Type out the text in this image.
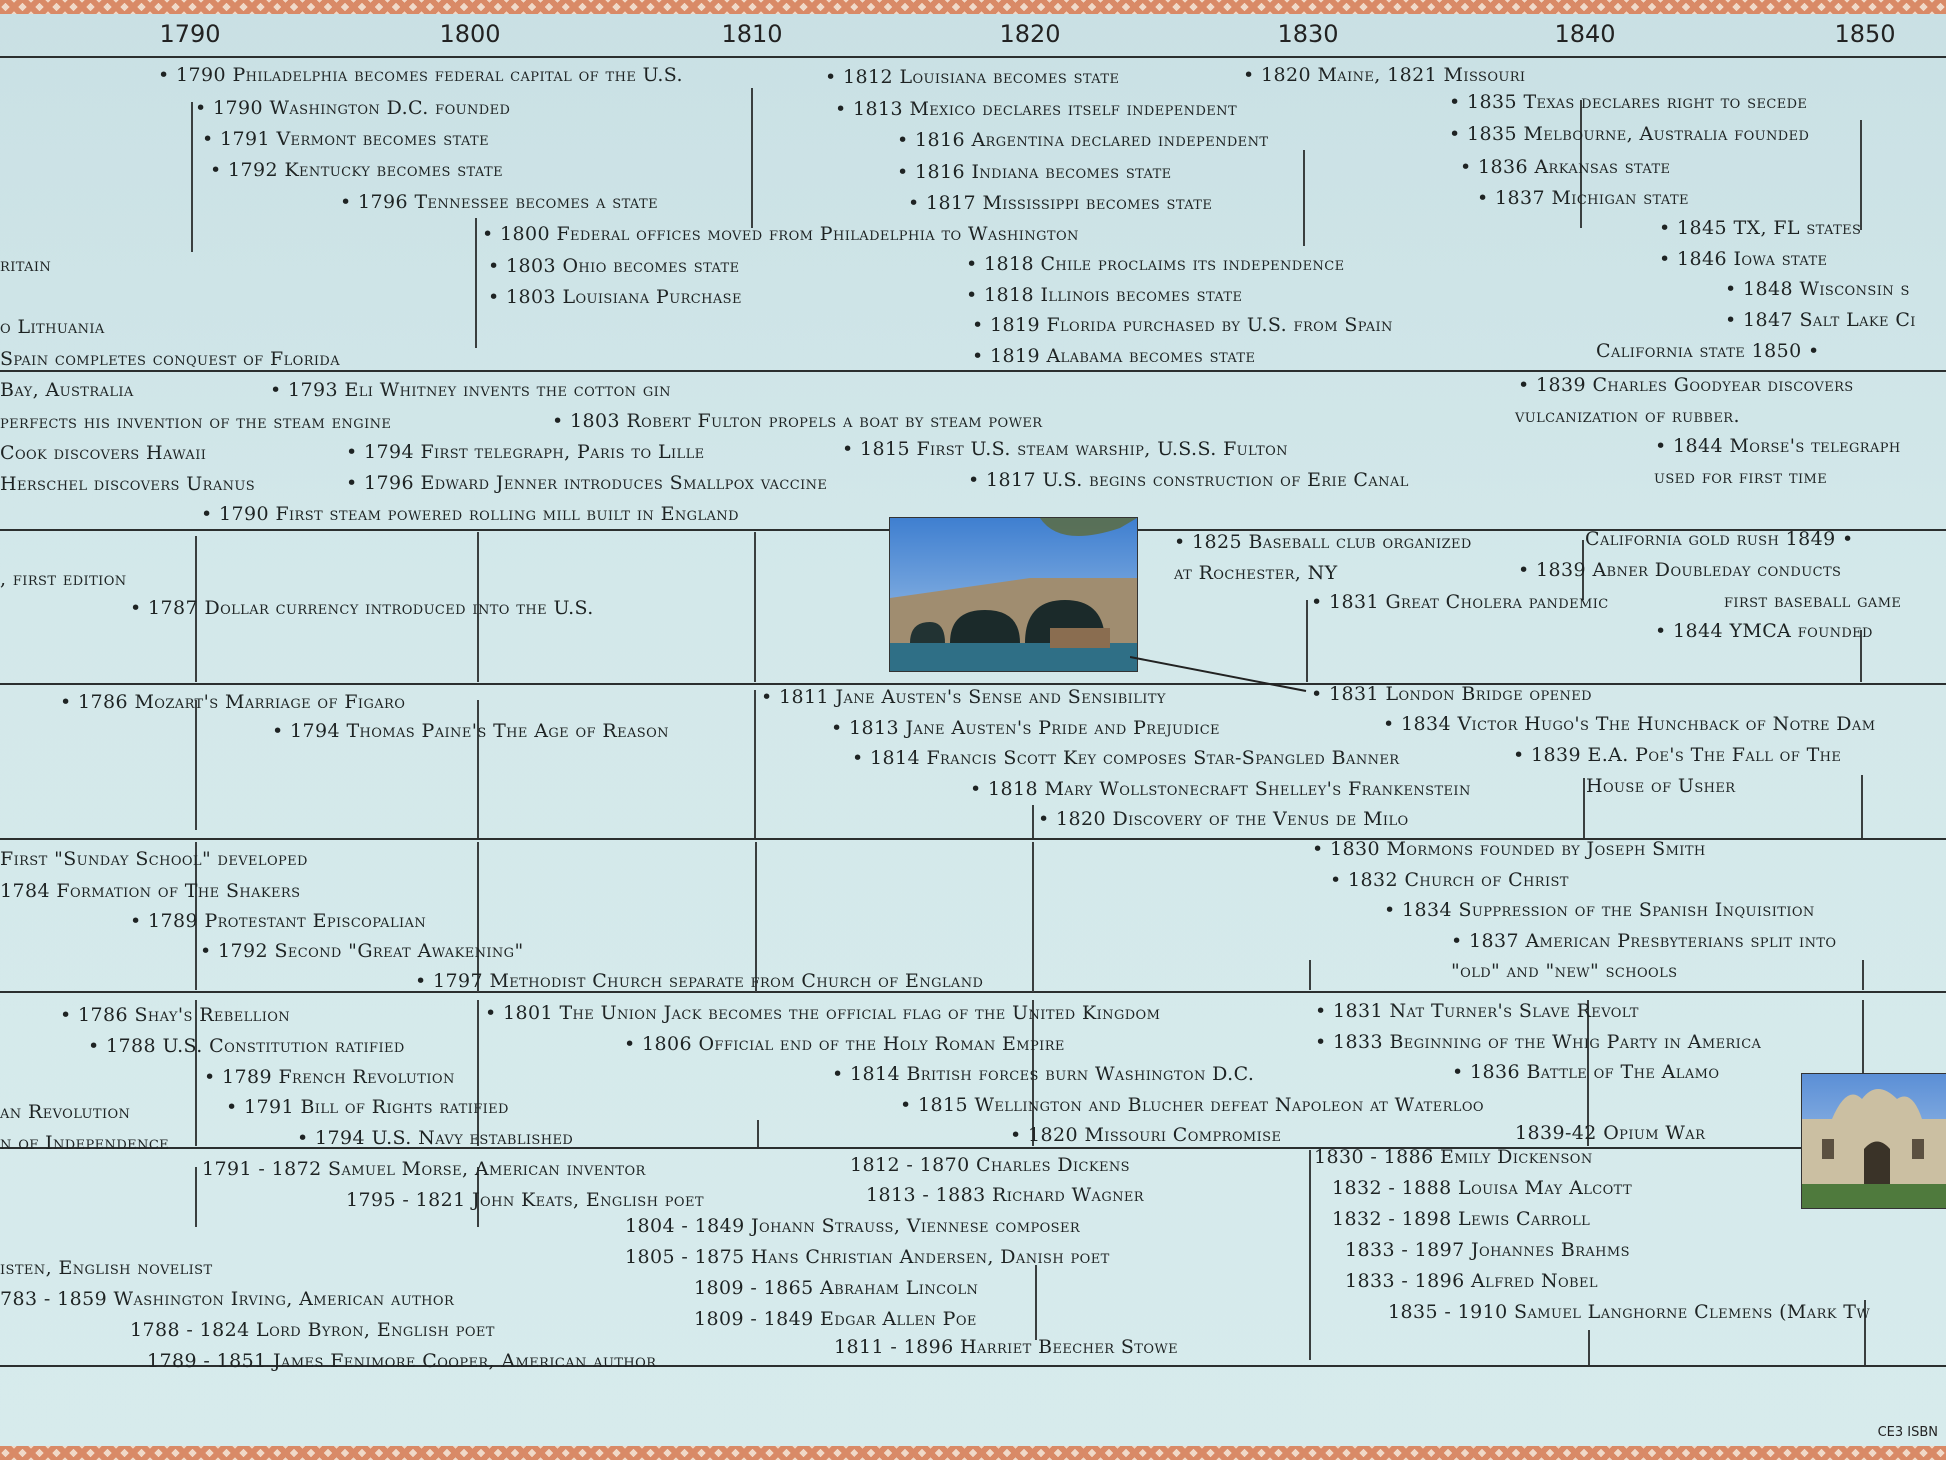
1790	1800	1810	1820	1830	1840	1850
• 1790 Philadelphia becomes federal capital of the U.S.
• 1790 Washington D.C. founded
• 1791 Vermont becomes state
• 1792 Kentucky becomes state
• 1796 Tennessee becomes a state
• 1812 Louisiana becomes state
• 1813 Mexico declares itself independent
• 1816 Argentina declared independent
• 1816 Indiana becomes state
• 1817 Mississippi becomes state
• 1820 Maine, 1821 Missouri
• 1835 Texas declares right to secede
• 1835 Melbourne, Australia founded
• 1836 Arkansas state
• 1837 Michigan state
• 1845 TX, FL states
• 1846 Iowa state
• 1848 Wisconsin s
• 1847 Salt Lake Ci
California state 1850 •
• 1800 Federal offices moved from Philadelphia to Washington
• 1803 Ohio becomes state
• 1803 Louisiana Purchase
• 1818 Chile proclaims its independence
• 1818 Illinois becomes state
• 1819 Florida purchased by U.S. from Spain
• 1819 Alabama becomes state
ritain
o Lithuania
Spain completes conquest of Florida
Bay, Australia	• 1793 Eli Whitney invents the cotton gin
perfects his invention of the steam engine	• 1803 Robert Fulton propels a boat by steam power
Cook discovers Hawaii	• 1794 First telegraph, Paris to Lille	• 1815 First U.S. steam warship, U.S.S. Fulton
Herschel discovers Uranus	• 1796 Edward Jenner introduces Smallpox vaccine	• 1817 U.S. begins construction of Erie Canal
• 1790 First steam powered rolling mill built in England
• 1839 Charles Goodyear discovers
vulcanization of rubber.
• 1844 Morse's telegraph
used for first time
, first edition
• 1787 Dollar currency introduced into the U.S.
• 1825 Baseball club organized
at Rochester, NY
• 1831 Great Cholera pandemic
California gold rush 1849 •
• 1839 Abner Doubleday conducts
first baseball game
• 1844 YMCA founded
• 1786 Mozart's Marriage of Figaro
• 1794 Thomas Paine's The Age of Reason
• 1811 Jane Austen's Sense and Sensibility
• 1813 Jane Austen's Pride and Prejudice
• 1814 Francis Scott Key composes Star-Spangled Banner
• 1818 Mary Wollstonecraft Shelley's Frankenstein
• 1820 Discovery of the Venus de Milo
• 1831 London Bridge opened
• 1834 Victor Hugo's The Hunchback of Notre Dam
• 1839 E.A. Poe's The Fall of The
House of Usher
First "Sunday School" developed
1784 Formation of The Shakers
• 1789 Protestant Episcopalian
• 1792 Second "Great Awakening"
• 1797 Methodist Church separate from Church of England
• 1830 Mormons founded by Joseph Smith
• 1832 Church of Christ
• 1834 Suppression of the Spanish Inquisition
• 1837 American Presbyterians split into
"old" and "new" schools
• 1786 Shay's Rebellion
• 1788 U.S. Constitution ratified
an Revolution
n of Independence
• 1789 French Revolution
• 1791 Bill of Rights ratified
• 1794 U.S. Navy established
• 1801 The Union Jack becomes the official flag of the United Kingdom
• 1806 Official end of the Holy Roman Empire
• 1814 British forces burn Washington D.C.
• 1815 Wellington and Blucher defeat Napoleon at Waterloo
• 1820 Missouri Compromise
• 1831 Nat Turner's Slave Revolt
• 1833 Beginning of the Whig Party in America
• 1836 Battle of The Alamo
1839-42 Opium War
1791 - 1872 Samuel Morse, American inventor
1795 - 1821 John Keats, English poet
1804 - 1849 Johann Strauss, Viennese composer
1805 - 1875 Hans Christian Andersen, Danish poet
1809 - 1865 Abraham Lincoln
1809 - 1849 Edgar Allen Poe
1811 - 1896 Harriet Beecher Stowe
1812 - 1870 Charles Dickens
1813 - 1883 Richard Wagner
isten, English novelist
783 - 1859 Washington Irving, American author
1788 - 1824 Lord Byron, English poet
1789 - 1851 James Fenimore Cooper, American author
1830 - 1886 Emily Dickenson
1832 - 1888 Louisa May Alcott
1832 - 1898 Lewis Carroll
1833 - 1897 Johannes Brahms
1833 - 1896 Alfred Nobel
1835 - 1910 Samuel Langhorne Clemens (Mark Tw
CE3 ISBN
